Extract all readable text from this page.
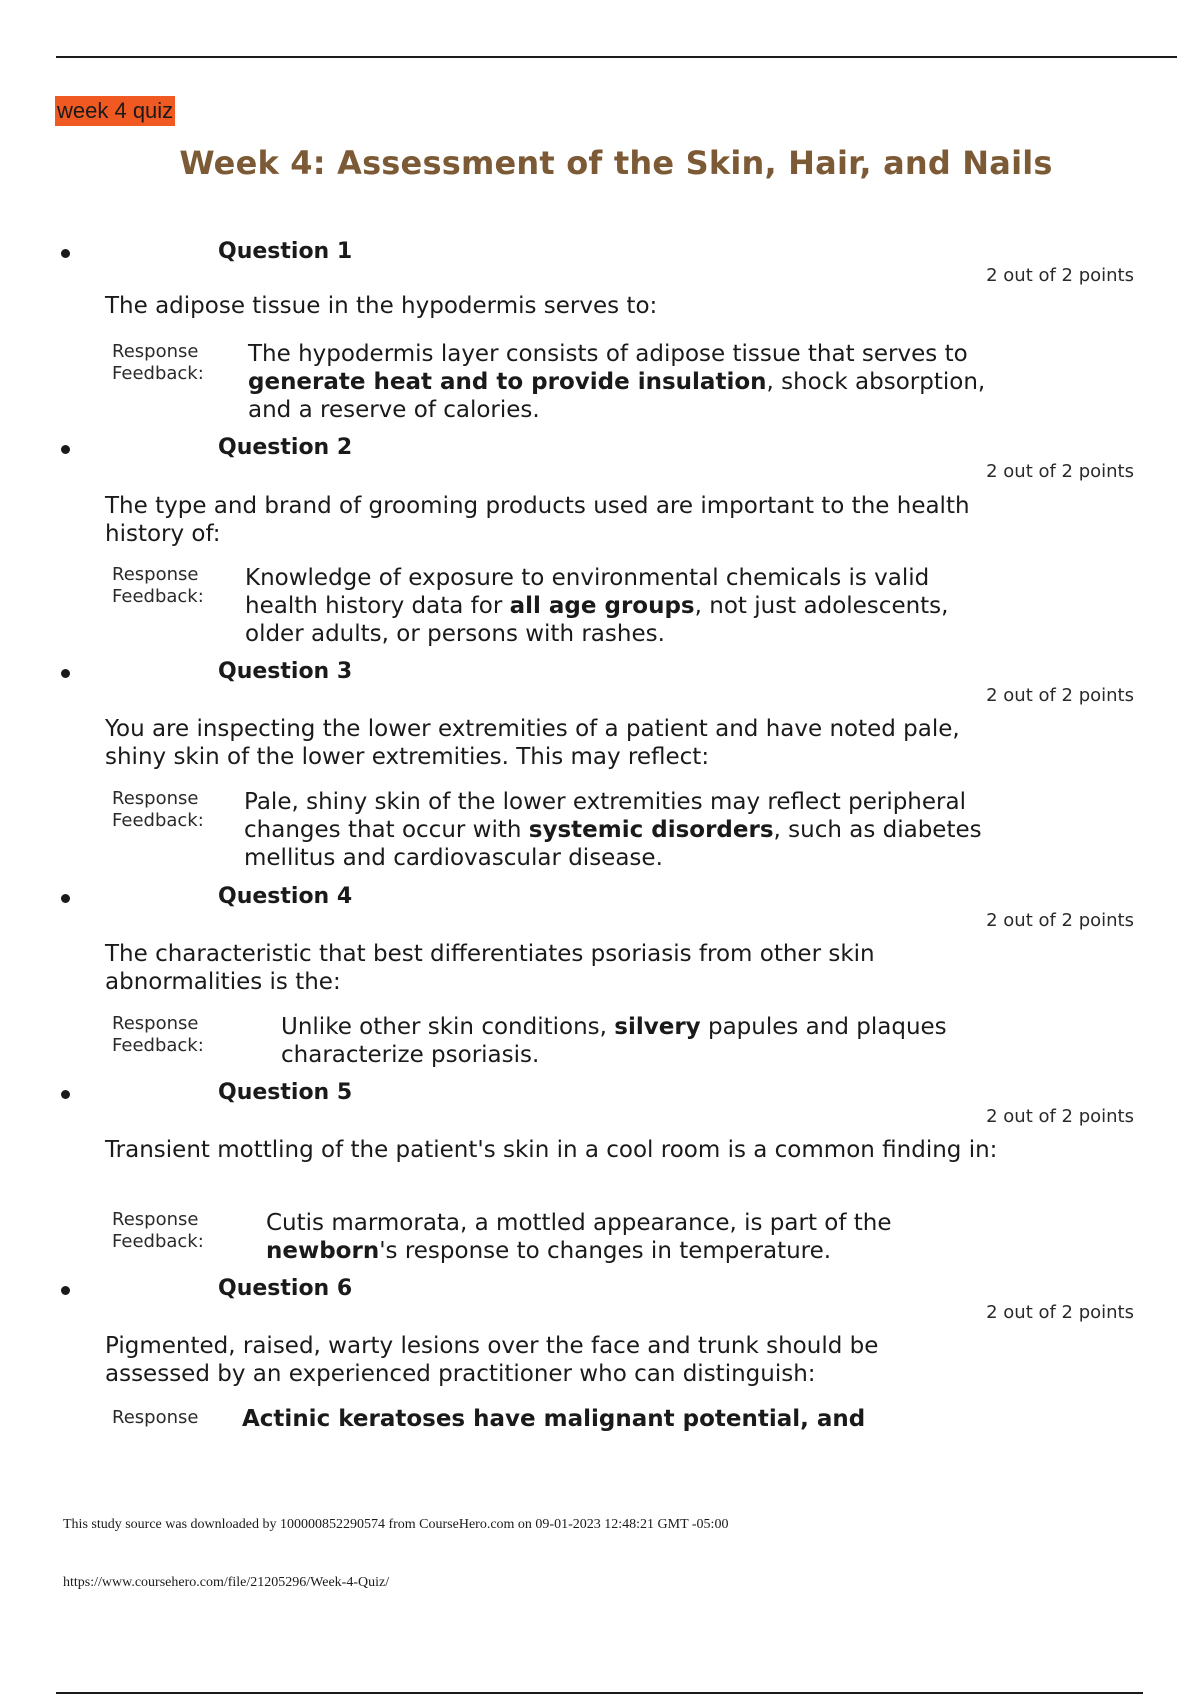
week 4 quiz
Week 4: Assessment of the Skin, Hair, and Nails
Question 1
2 out of 2 points
The adipose tissue in the hypodermis serves to:
Response
Feedback:
The hypodermis layer consists of adipose tissue that serves to generate heat and to provide insulation, shock absorption, and a reserve of calories.
Question 2
2 out of 2 points
The type and brand of grooming products used are important to the health history of:
Response
Feedback:
Knowledge of exposure to environmental chemicals is valid health history data for all age groups, not just adolescents, older adults, or persons with rashes.
Question 3
2 out of 2 points
You are inspecting the lower extremities of a patient and have noted pale, shiny skin of the lower extremities. This may reflect:
Response
Feedback:
Pale, shiny skin of the lower extremities may reflect peripheral changes that occur with systemic disorders, such as diabetes mellitus and cardiovascular disease.
Question 4
2 out of 2 points
The characteristic that best differentiates psoriasis from other skin abnormalities is the:
Response
Feedback:
Unlike other skin conditions, silvery papules and plaques characterize psoriasis.
Question 5
2 out of 2 points
Transient mottling of the patient's skin in a cool room is a common finding in:
Response
Feedback:
Cutis marmorata, a mottled appearance, is part of the newborn's response to changes in temperature.
Question 6
2 out of 2 points
Pigmented, raised, warty lesions over the face and trunk should be assessed by an experienced practitioner who can distinguish:
Response Actinic keratoses have malignant potential, and
This study source was downloaded by 100000852290574 from CourseHero.com on 09-01-2023 12:48:21 GMT -05:00
https://www.coursehero.com/file/21205296/Week-4-Quiz/
